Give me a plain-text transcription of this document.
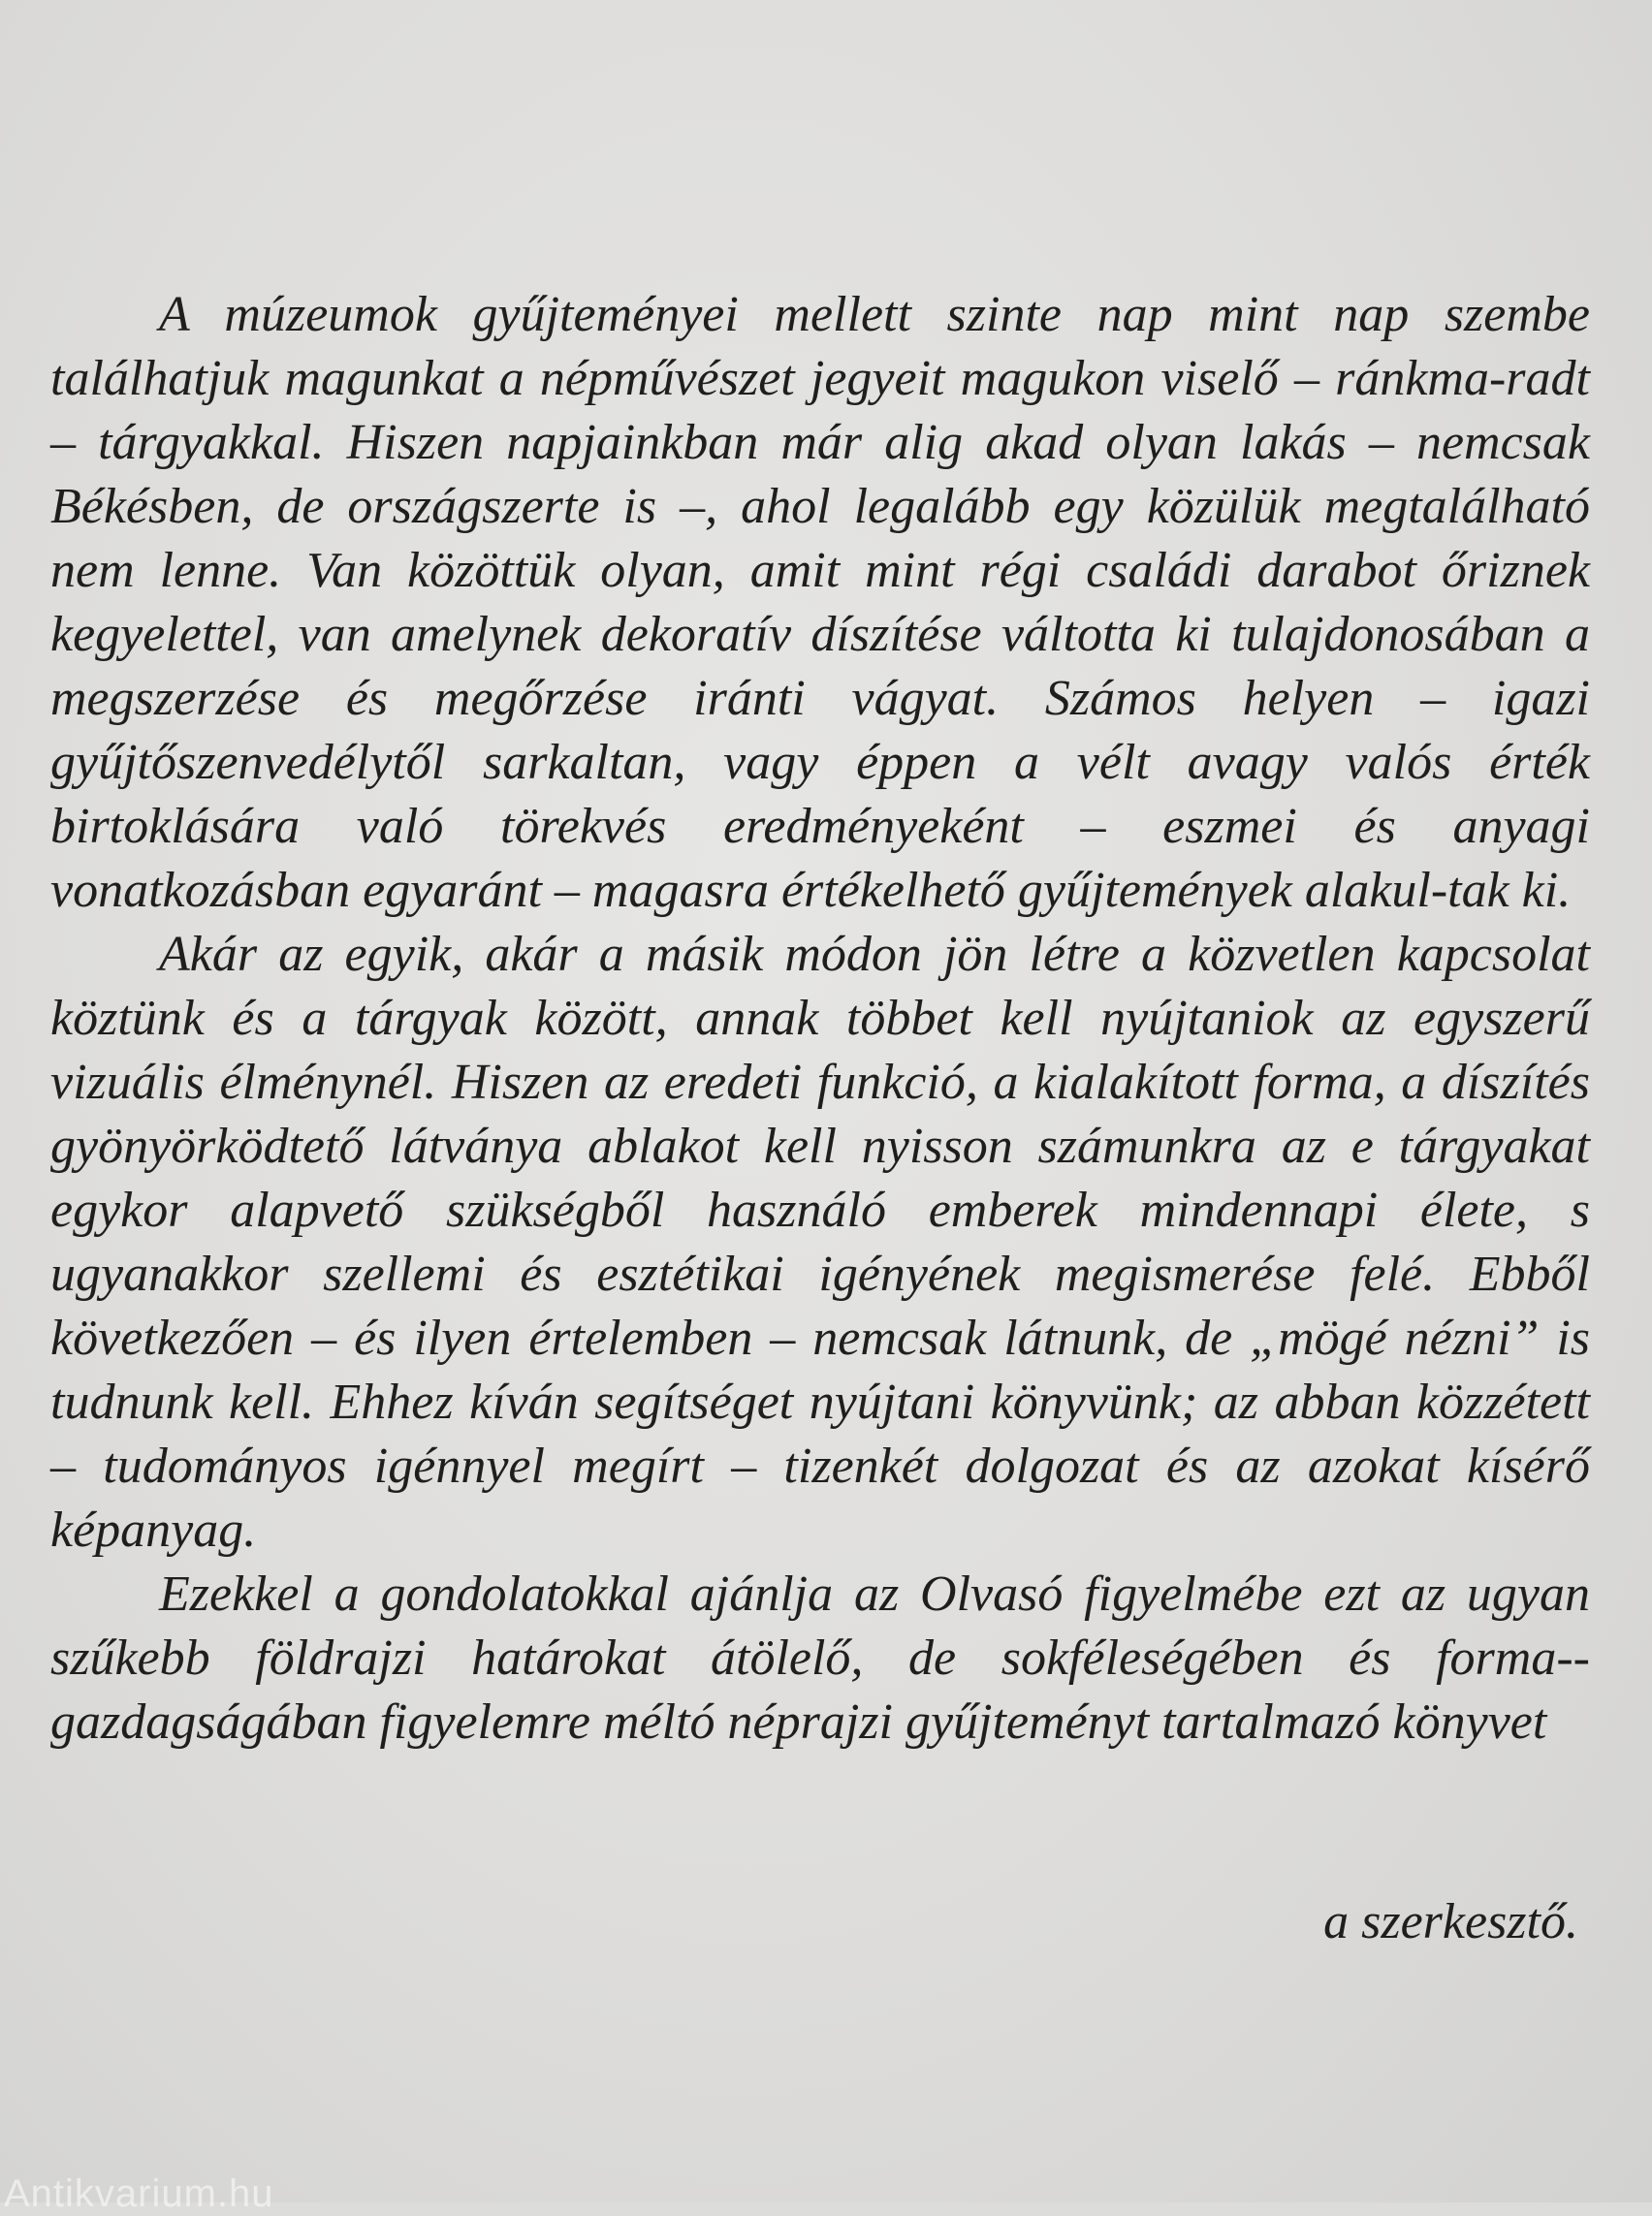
A múzeumok gyűjteményei mellett szinte nap mint nap szembe találhatjuk magunkat a népművészet jegyeit magukon viselő – ránkma-radt – tárgyakkal. Hiszen napjainkban már alig akad olyan lakás – nemcsak Békésben, de országszerte is –, ahol legalább egy közülük megtalálható nem lenne. Van közöttük olyan, amit mint régi családi darabot őriznek kegyelettel, van amelynek dekoratív díszítése váltotta ki tulajdonosában a megszerzése és megőrzése iránti vágyat. Számos helyen – igazi gyűjtőszenvedélytől sarkaltan, vagy éppen a vélt avagy valós érték birtoklására való törekvés eredményeként – eszmei és anyagi vonatkozásban egyaránt – magasra értékelhető gyűjtemények alakul-tak ki.

Akár az egyik, akár a másik módon jön létre a közvetlen kapcsolat köztünk és a tárgyak között, annak többet kell nyújtaniok az egyszerű vizuális élménynél. Hiszen az eredeti funkció, a kialakított forma, a díszítés gyönyörködtető látványa ablakot kell nyisson számunkra az e tárgyakat egykor alapvető szükségből használó emberek mindennapi élete, s ugyanakkor szellemi és esztétikai igényének megismerése felé. Ebből következően – és ilyen értelemben – nemcsak látnunk, de „mögé nézni” is tudnunk kell. Ehhez kíván segítséget nyújtani könyvünk; az abban közzétett – tudományos igénnyel megírt – tizenkét dolgozat és az azokat kísérő képanyag.

Ezekkel a gondolatokkal ajánlja az Olvasó figyelmébe ezt az ugyan szűkebb földrajzi határokat átölelő, de sokféleségében és forma-gazdagságában figyelemre méltó néprajzi gyűjteményt tartalmazó könyvet

a szerkesztő.
Antikvarium.hu
